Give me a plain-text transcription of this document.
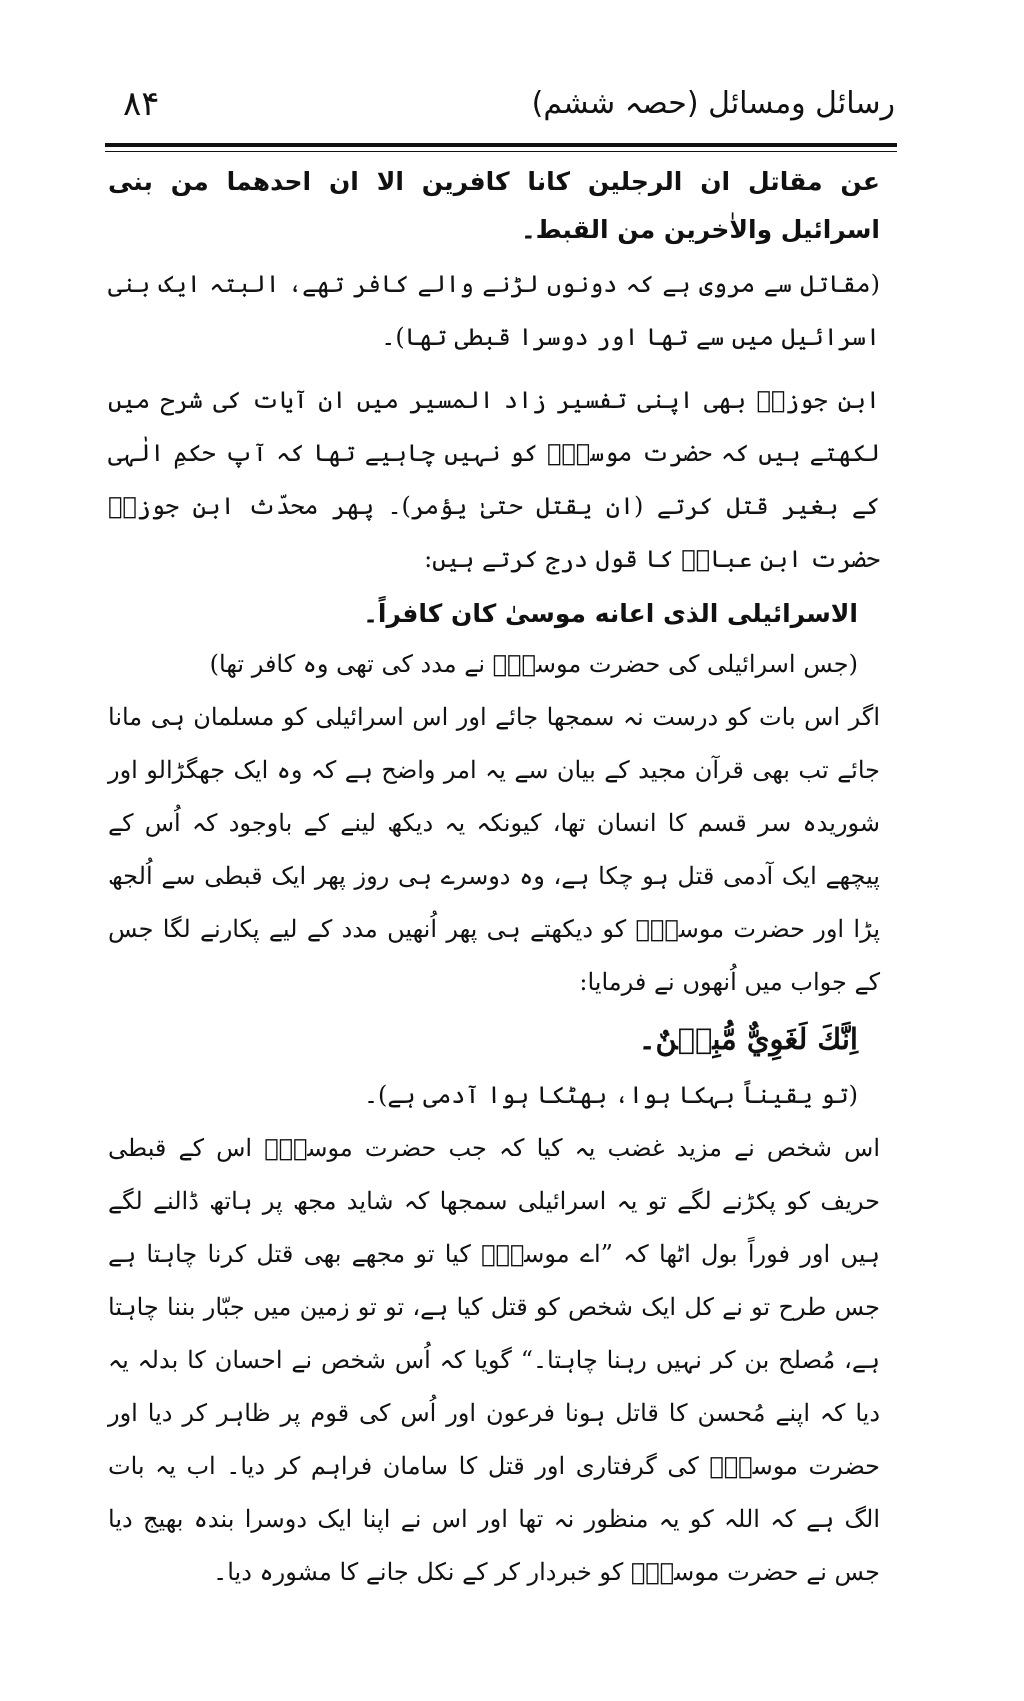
۸۴	رسائل ومسائل (حصہ ششم)

عن مقاتل ان الرجلین کانا کافرین الا ان احدھما من بنی اسرائیل والاٰخرین من القبط۔

(مقاتل سے مروی ہے کہ دونوں لڑنے والے کافر تھے، البتہ ایک بنی اسرائیل میں سے تھا اور دوسرا قبطی تھا)۔

ابنِ جوزیؒ بھی اپنی تفسیر زاد المسیر میں ان آیات کی شرح میں لکھتے ہیں کہ حضرت موسیٰؑ کو نہیں چاہیے تھا کہ آپ حکمِ الٰہی کے بغیر قتل کرتے (ان یقتل حتیٰ یؤمر)۔ پھر محدّث ابنِ جوزیؒ حضرت ابن عباسؓ کا قول درج کرتے ہیں:

الاسرائیلی الذی اعانه موسیٰ کان کافراً۔

(جس اسرائیلی کی حضرت موسیٰؑ نے مدد کی تھی وہ کافر تھا)

اگر اس بات کو درست نہ سمجھا جائے اور اس اسرائیلی کو مسلمان ہی مانا جائے تب بھی قرآن مجید کے بیان سے یہ امر واضح ہے کہ وہ ایک جھگڑالو اور شوریدہ سر قسم کا انسان تھا، کیونکہ یہ دیکھ لینے کے باوجود کہ اُس کے پیچھے ایک آدمی قتل ہو چکا ہے، وہ دوسرے ہی روز پھر ایک قبطی سے اُلجھ پڑا اور حضرت موسیٰؑ کو دیکھتے ہی پھر اُنھیں مدد کے لیے پکارنے لگا جس کے جواب میں اُنھوں نے فرمایا:

اِنَّكَ لَغَوِيٌّ مُّبِيۡنٌ۔

(تو یقیناً بہکا ہوا، بھٹکا ہوا آدمی ہے)۔

اس شخص نے مزید غضب یہ کیا کہ جب حضرت موسیٰؑ اس کے قبطی حریف کو پکڑنے لگے تو یہ اسرائیلی سمجھا کہ شاید مجھ پر ہاتھ ڈالنے لگے ہیں اور فوراً بول اٹھا کہ ”اے موسیٰؑ کیا تو مجھے بھی قتل کرنا چاہتا ہے جس طرح تو نے کل ایک شخص کو قتل کیا ہے، تو تو زمین میں جبّار بننا چاہتا ہے، مُصلح بن کر نہیں رہنا چاہتا۔“ گویا کہ اُس شخص نے احسان کا بدلہ یہ دیا کہ اپنے مُحسن کا قاتل ہونا فرعون اور اُس کی قوم پر ظاہر کر دیا اور حضرت موسیٰؑ کی گرفتاری اور قتل کا سامان فراہم کر دیا۔ اب یہ بات الگ ہے کہ اللہ کو یہ منظور نہ تھا اور اس نے اپنا ایک دوسرا بندہ بھیج دیا جس نے حضرت موسیٰؑ کو خبردار کر کے نکل جانے کا مشورہ دیا۔
